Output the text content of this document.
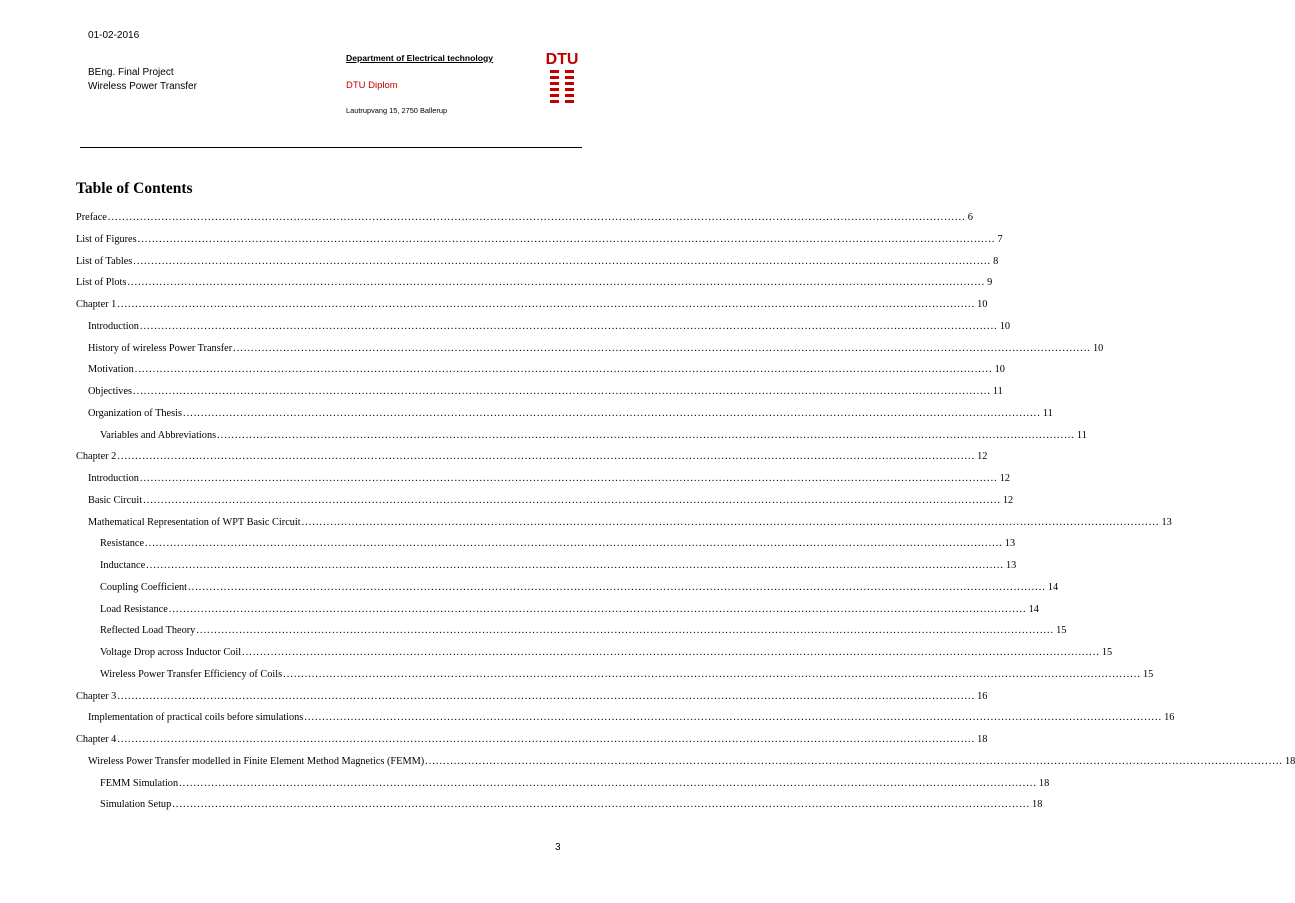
01-02-2016
BEng. Final Project
Wireless Power Transfer
Department of Electrical technology
DTU Diplom
Lautrupvang 15, 2750 Ballerup
DTU
Table of Contents
Preface .....	6
List of Figures .....	7
List of Tables .....	8
List of Plots .....	9
Chapter 1 .....	10
Introduction .....	10
History of wireless Power Transfer .....	10
Motivation .....	10
Objectives .....	11
Organization of Thesis .....	11
Variables and Abbreviations .....	11
Chapter 2 .....	12
Introduction .....	12
Basic Circuit .....	12
Mathematical Representation of WPT Basic Circuit .....	13
Resistance .....	13
Inductance .....	13
Coupling Coefficient .....	14
Load Resistance .....	14
Reflected Load Theory .....	15
Voltage Drop across Inductor Coil .....	15
Wireless Power Transfer Efficiency of Coils .....	15
Chapter 3 .....	16
Implementation of practical coils before simulations .....	16
Chapter 4 .....	18
Wireless Power Transfer modelled in Finite Element Method Magnetics (FEMM) .....	18
FEMM Simulation .....	18
Simulation Setup .....	18
3
